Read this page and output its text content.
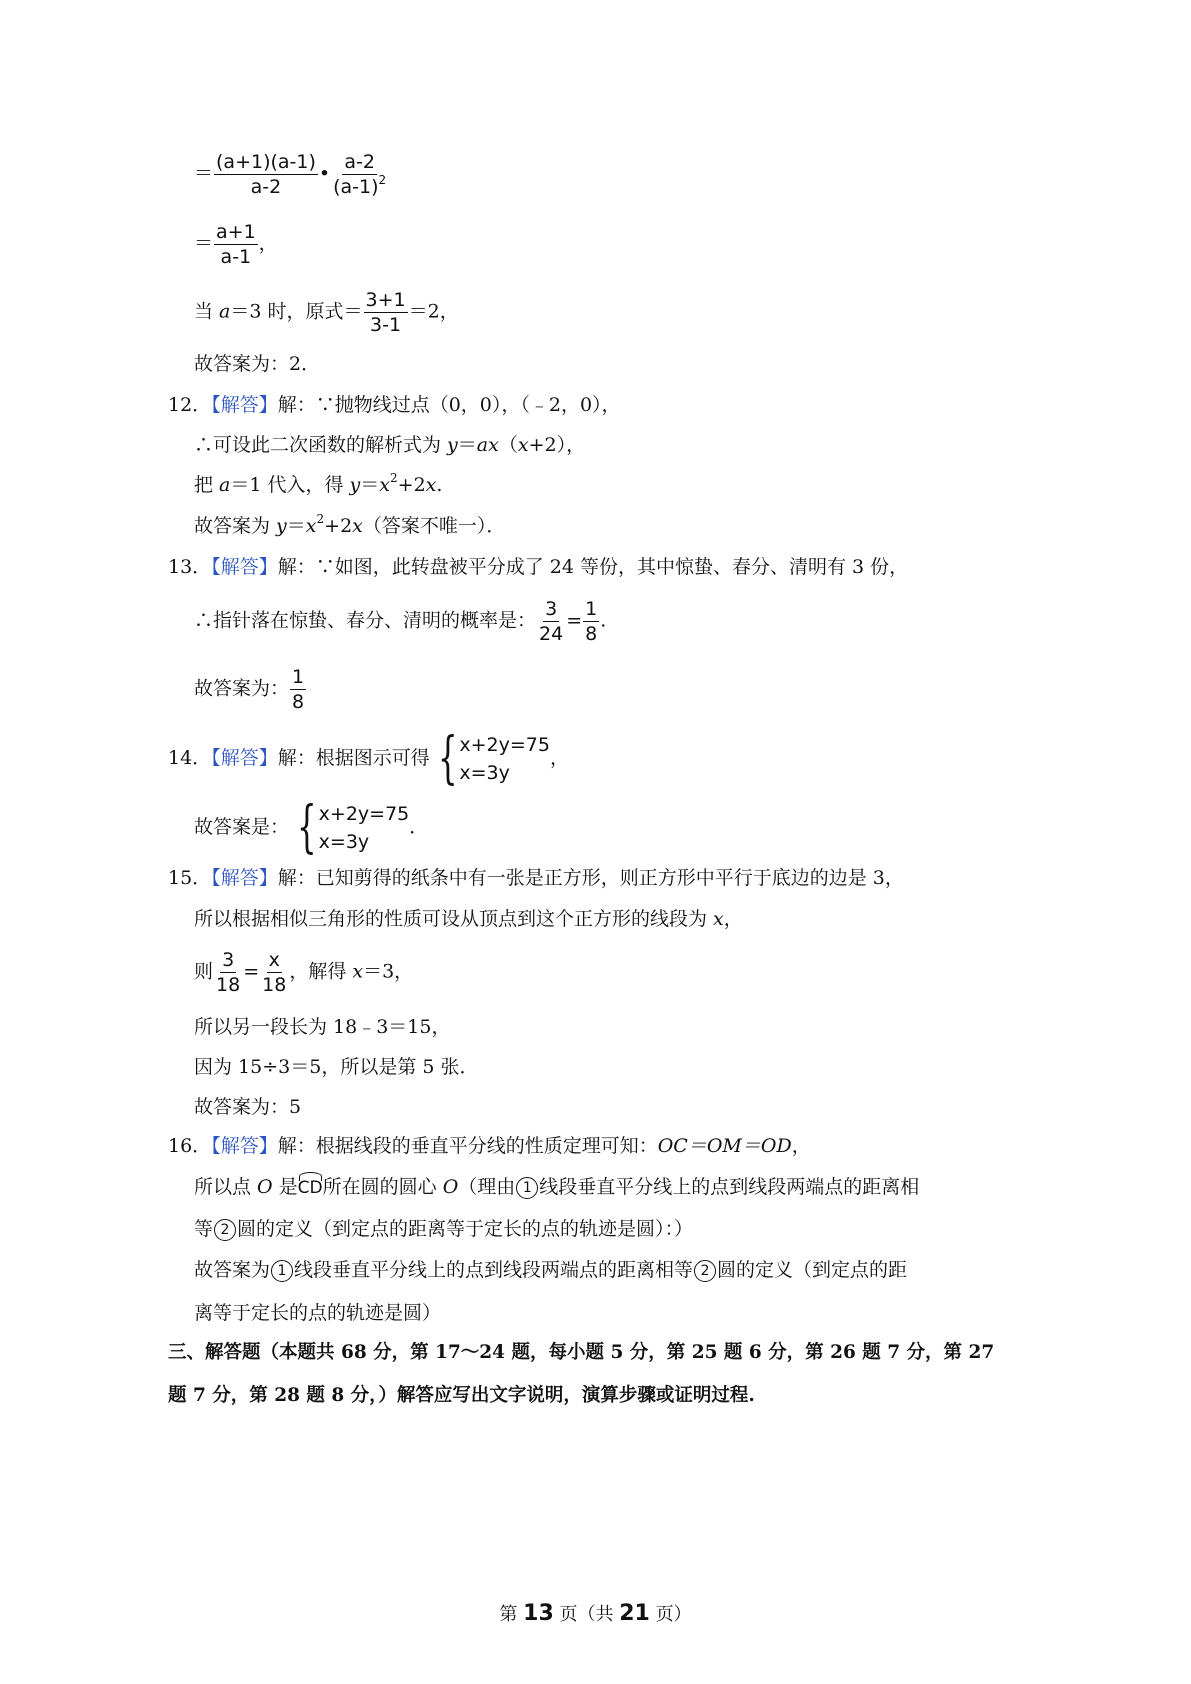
＝ $\frac{(a+1)(a-1)}{a-2}$ • $\frac{a-2}{(a-1)^2}$
＝ $\frac{a+1}{a-1}$ ，
当 a＝3 时，原式＝ $\frac{3+1}{3-1} =2$，
故答案为：2．
12．【解答】解：∵抛物线过点（0，0），（﹣2，0），
∴可设此二次函数的解析式为 y＝ax（x+2），
把 a＝1 代入，得 $y=x^2+2x$.
故答案为 $y=x^2+2x$（答案不唯一）．
13．【解答】解：∵如图，此转盘被平分成了 24 等份，其中惊蛰、春分、清明有 3 份，
∴指针落在惊蛰、春分、清明的概率是： $\frac{3}{24} = \frac{1}{8}$ .
故答案为： $\frac{1}{8}$
14．【解答】解：根据图示可得 { x+2y=75
x=3y
，
故答案是： { x+2y=75
x=3y
．
15．【解答】解：已知剪得的纸条中有一张是正方形，则正方形中平行于底边的边是 3，
所以根据相似三角形的性质可设从顶点到这个正方形的线段为 x，
则 $\frac{3}{18} = \frac{x}{18}$ ，解得 x＝3，
所以另一段长为 18﹣3＝15，
因为 15÷3＝5，所以是第 5 张．
故答案为：5
16．【解答】解：根据线段的垂直平分线的性质定理可知：OC＝OM＝OD，
所以点 O 是CD所在圆的圆心 O（理由 1 线段垂直平分线上的点到线段两端点的距离相
等 2 圆的定义（到定点的距离等于定长的点的轨迹是圆）：）
故答案为 1 线段垂直平分线上的点到线段两端点的距离相等 2 圆的定义（到定点的距
离等于定长的点的轨迹是圆）
三、解答题（本题共 68 分，第 17～24 题，每小题 5 分，第 25 题 6 分，第 26 题 7 分，第 27
题 7 分，第 28 题 8 分，）解答应写出文字说明，演算步骤或证明过程.
第 13 页（共 21 页）
